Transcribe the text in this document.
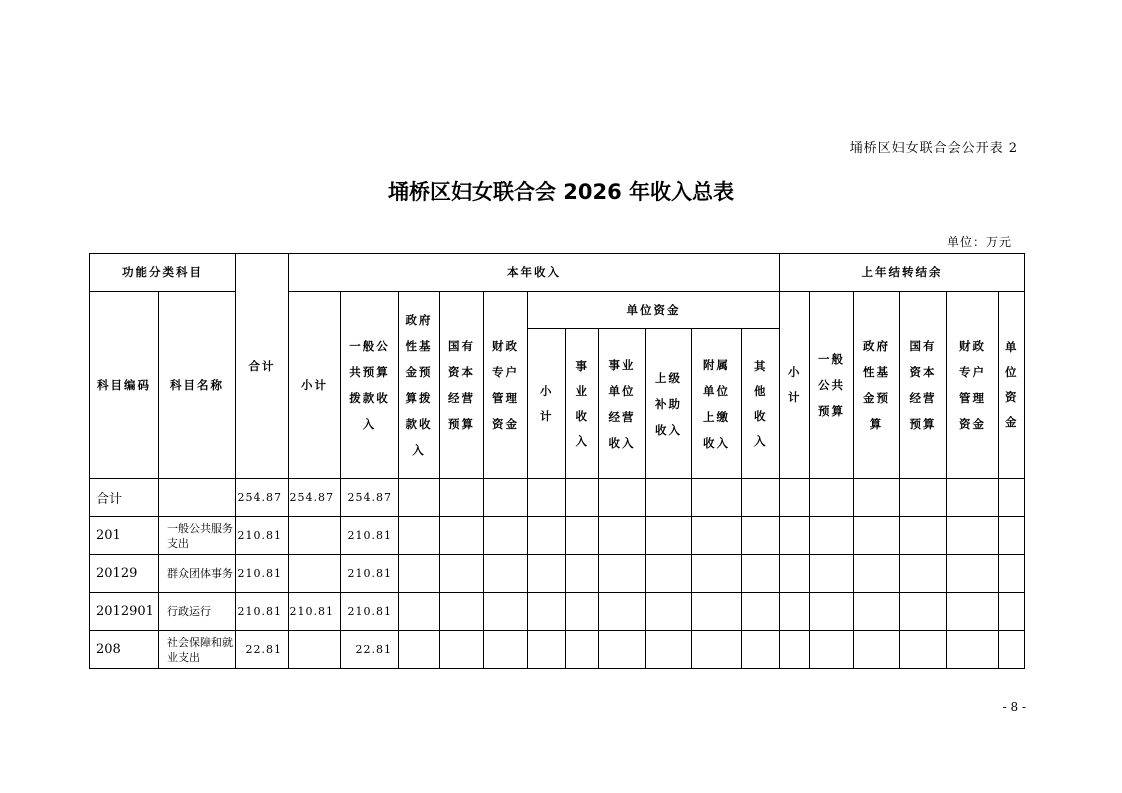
埇桥区妇女联合会公开表 2
埇桥区妇女联合会 2026 年收入总表
单位：万元
功能分类科目		合计	本年收入											上年结转结余					
科目编码	科目名称		小计	一般公共预算拨款收入	政府性基金预算拨款收入	国有资本经营预算	财政专户管理资金	单位资金						小计	一般公共预算	政府性基金预算	国有资本经营预算	财政专户管理资金	单位资金
								小计	事业收入	事业单位经营收入	上级补助收入	附属单位上缴收入	其他收入						
合计		254.87	254.87	254.87															
201	一般公共服务支出	210.81		210.81															
20129	群众团体事务	210.81		210.81															
2012901	行政运行	210.81	210.81	210.81															
208	社会保障和就业支出	22.81		22.81															
- 8 -
